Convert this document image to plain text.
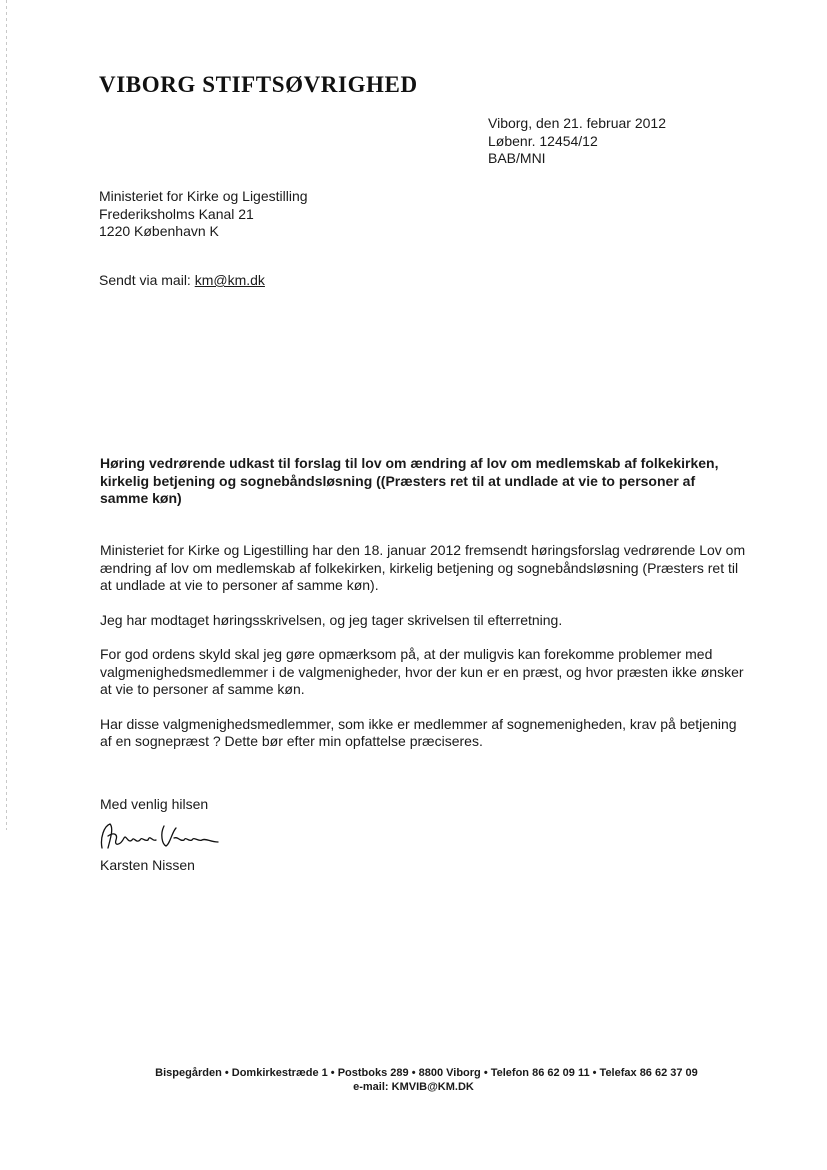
VIBORG STIFTSØVRIGHED
Viborg, den 21. februar 2012
Løbenr. 12454/12
BAB/MNI
Ministeriet for Kirke og Ligestilling
Frederiksholms Kanal 21
1220 København K
Sendt via mail: km@km.dk

Høring vedrørende udkast til forslag til lov om ændring af lov om medlemskab af folkekirken, kirkelig betjening og sognebåndsløsning ((Præsters ret til at undlade at vie to personer af samme køn)

Ministeriet for Kirke og Ligestilling har den 18. januar 2012 fremsendt høringsforslag vedrørende Lov om ændring af lov om medlemskab af folkekirken, kirkelig betjening og sognebåndsløsning (Præsters ret til at undlade at vie to personer af samme køn).

Jeg har modtaget høringsskrivelsen, og jeg tager skrivelsen til efterretning.

For god ordens skyld skal jeg gøre opmærksom på, at der muligvis kan forekomme problemer med valgmenighedsmedlemmer i de valgmenigheder, hvor der kun er en præst, og hvor præsten ikke ønsker at vie to personer af samme køn.

Har disse valgmenighedsmedlemmer, som ikke er medlemmer af sognemenigheden, krav på betjening af en sognepræst ? Dette bør efter min opfattelse præciseres.

Med venlig hilsen
Karsten Nissen
Bispegården • Domkirkestræde 1 • Postboks 289 • 8800 Viborg • Telefon 86 62 09 11 • Telefax 86 62 37 09
e-mail: KMVIB@KM.DK
